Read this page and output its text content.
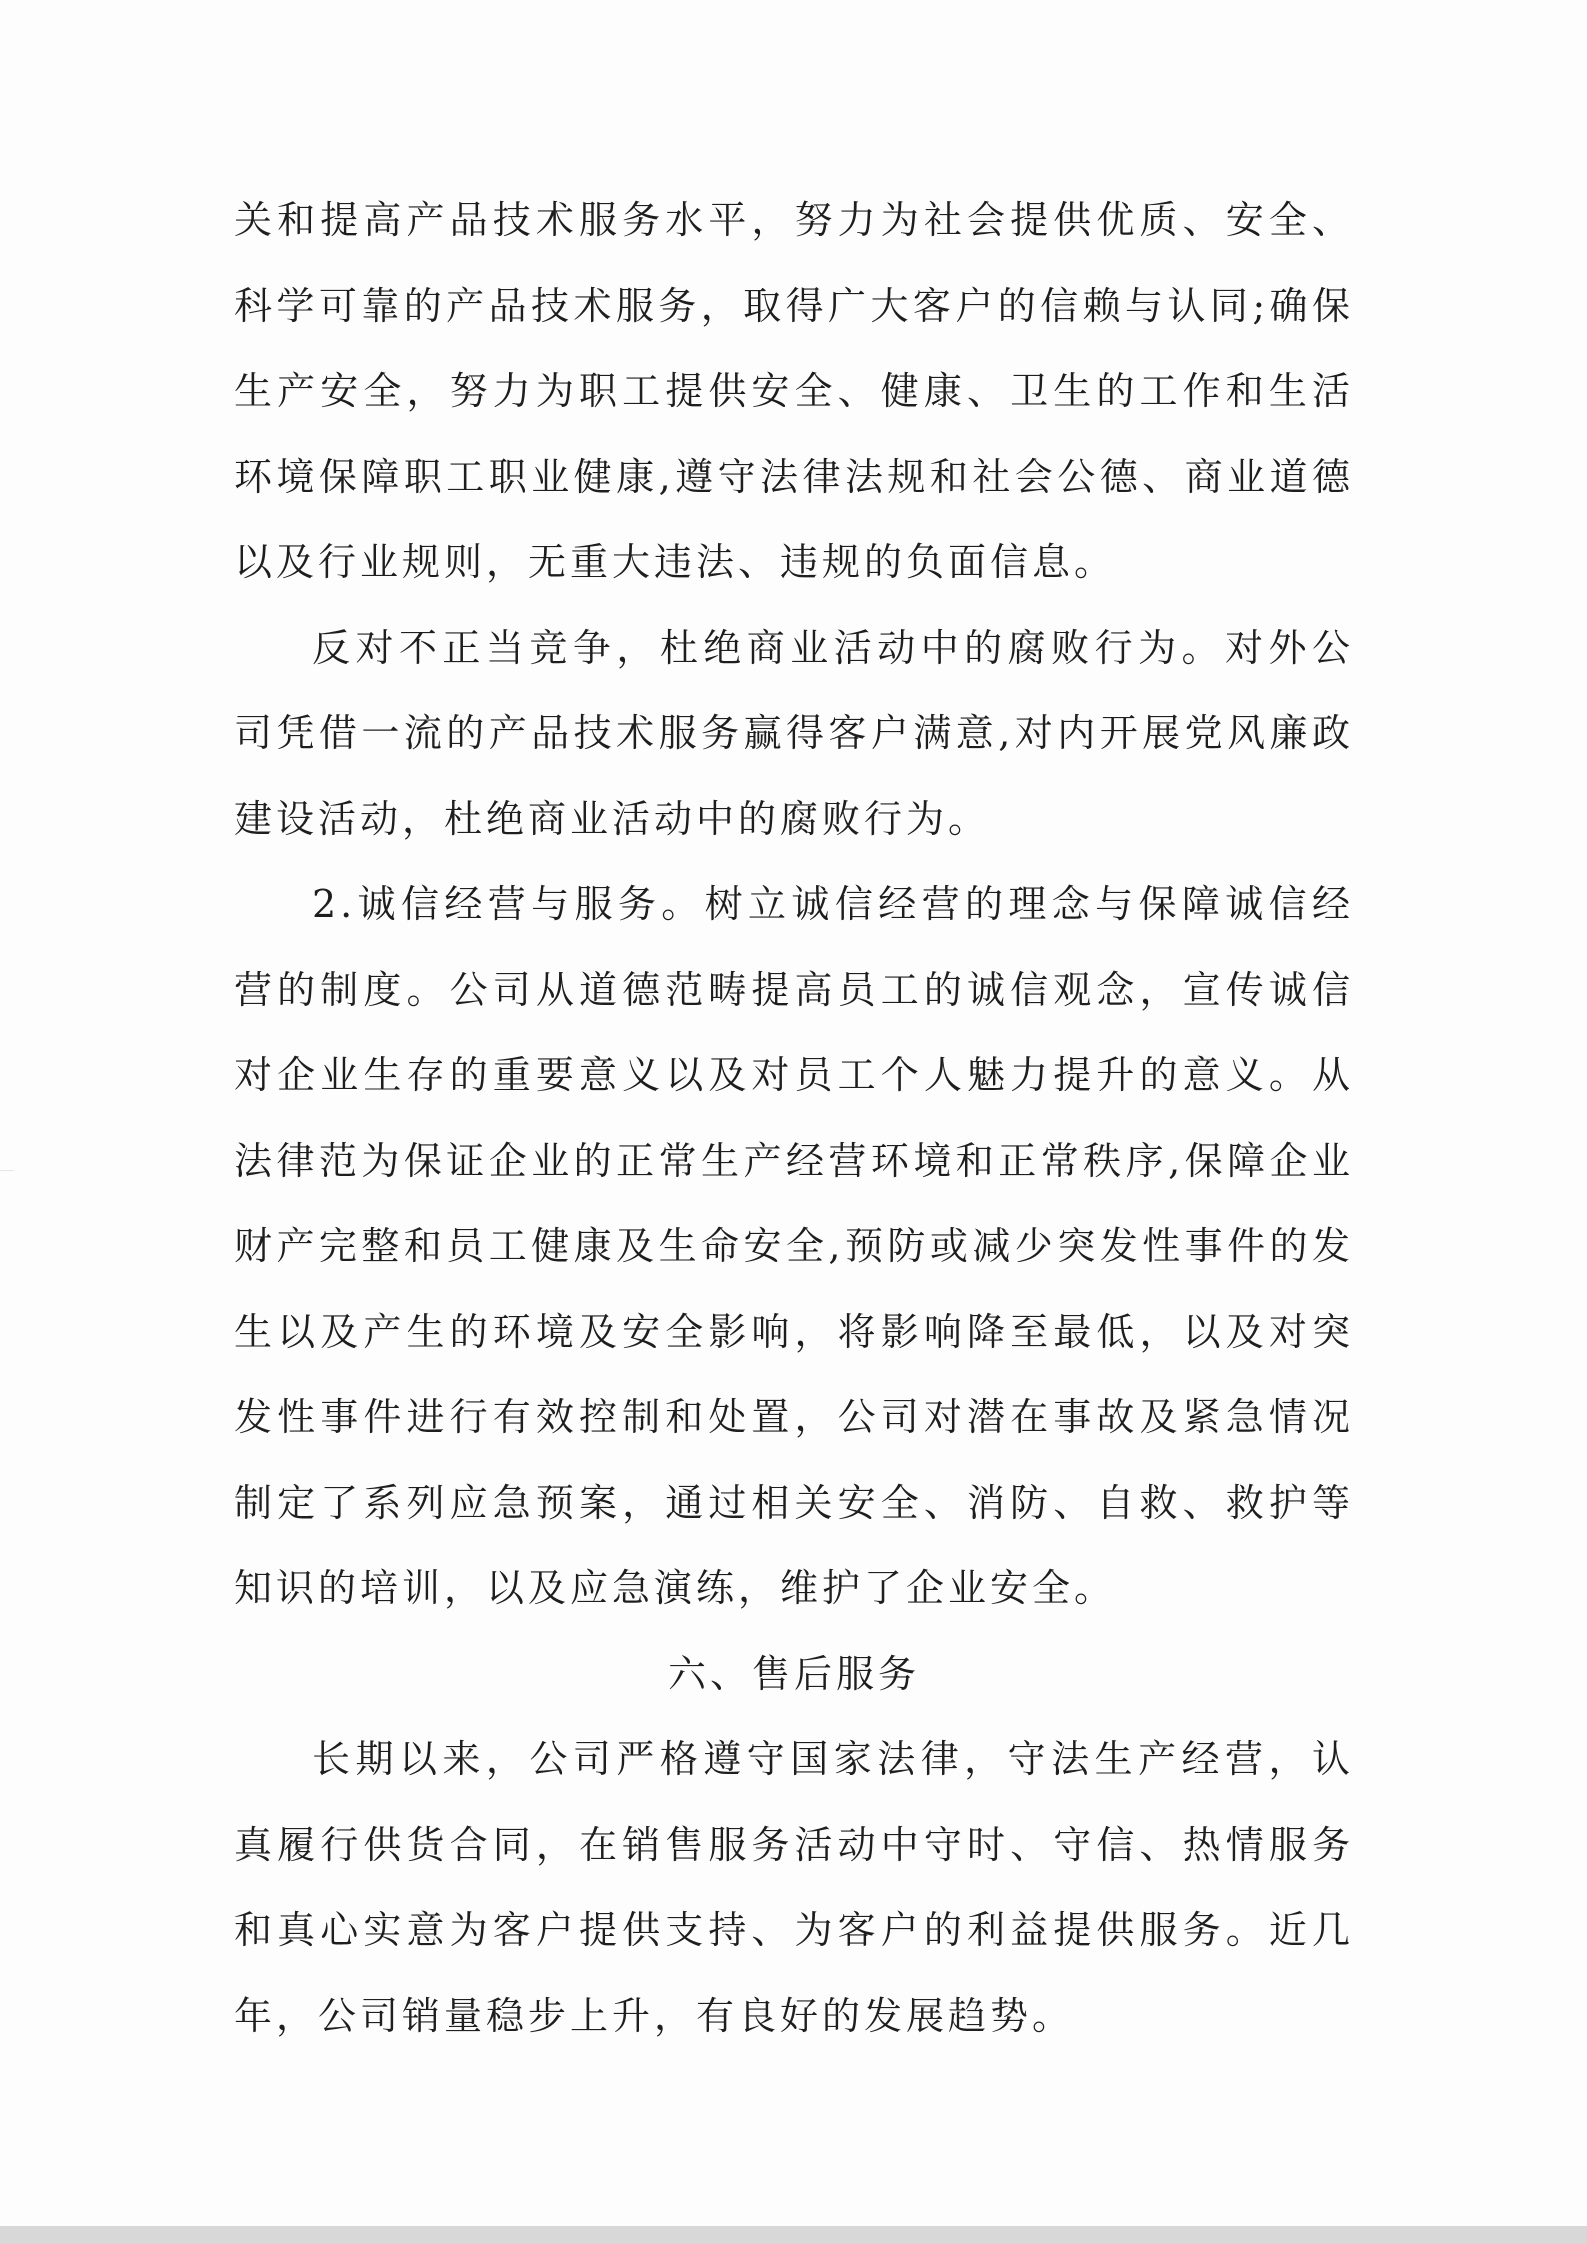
关和提高产品技术服务水平，努力为社会提供优质、安全、科学可靠的产品技术服务，取得广大客户的信赖与认同;确保生产安全，努力为职工提供安全、健康、卫生的工作和生活环境保障职工职业健康,遵守法律法规和社会公德、商业道德以及行业规则，无重大违法、违规的负面信息。

反对不正当竞争，杜绝商业活动中的腐败行为。对外公司凭借一流的产品技术服务赢得客户满意,对内开展党风廉政建设活动，杜绝商业活动中的腐败行为。

2.诚信经营与服务。树立诚信经营的理念与保障诚信经营的制度。公司从道德范畴提高员工的诚信观念，宣传诚信对企业生存的重要意义以及对员工个人魅力提升的意义。从法律范为保证企业的正常生产经营环境和正常秩序,保障企业财产完整和员工健康及生命安全,预防或减少突发性事件的发生以及产生的环境及安全影响，将影响降至最低，以及对突发性事件进行有效控制和处置，公司对潜在事故及紧急情况制定了系列应急预案，通过相关安全、消防、自救、救护等知识的培训，以及应急演练，维护了企业安全。

六、售后服务

长期以来，公司严格遵守国家法律，守法生产经营，认真履行供货合同，在销售服务活动中守时、守信、热情服务和真心实意为客户提供支持、为客户的利益提供服务。近几年，公司销量稳步上升，有良好的发展趋势。
